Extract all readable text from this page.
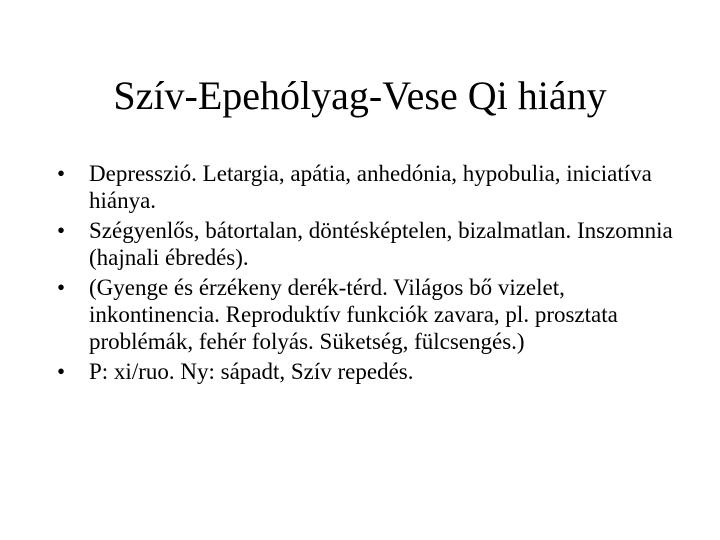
Szív-Epehólyag-Vese Qi hiány
• Depresszió. Letargia, apátia, anhedónia, hypobulia, iniciatíva hiánya.
• Szégyenlős, bátortalan, döntésképtelen, bizalmatlan. Inszomnia (hajnali ébredés).
• (Gyenge és érzékeny derék-térd. Világos bő vizelet, inkontinencia. Reproduktív funkciók zavara, pl. prosztata problémák, fehér folyás. Süketség, fülcsengés.)
• P: xi/ruo. Ny: sápadt, Szív repedés.
